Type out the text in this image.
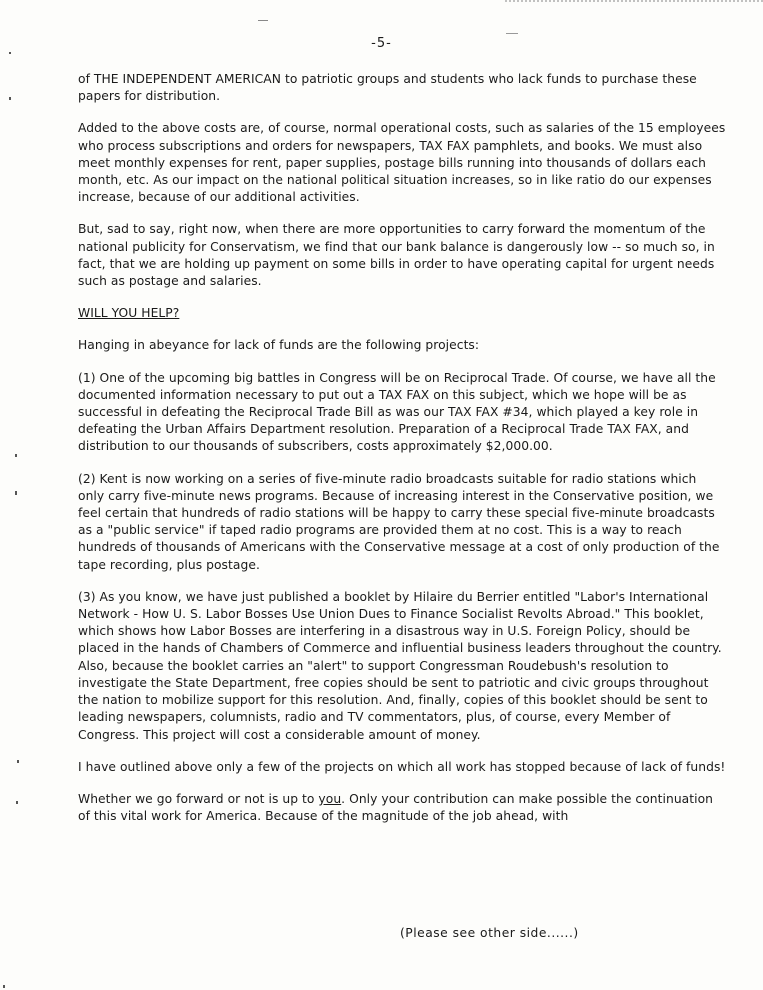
-5-

of THE INDEPENDENT AMERICAN to patriotic groups and students who lack funds to purchase these papers for distribution.

Added to the above costs are, of course, normal operational costs, such as salaries of the 15 employees who process subscriptions and orders for newspapers, TAX FAX pamphlets, and books. We must also meet monthly expenses for rent, paper supplies, postage bills running into thousands of dollars each month, etc. As our impact on the national political situation increases, so in like ratio do our expenses increase, because of our additional activities.

But, sad to say, right now, when there are more opportunities to carry forward the momentum of the national publicity for Conservatism, we find that our bank balance is dangerously low -- so much so, in fact, that we are holding up payment on some bills in order to have operating capital for urgent needs such as postage and salaries.

WILL YOU HELP?

Hanging in abeyance for lack of funds are the following projects:

(1) One of the upcoming big battles in Congress will be on Reciprocal Trade. Of course, we have all the documented information necessary to put out a TAX FAX on this subject, which we hope will be as successful in defeating the Reciprocal Trade Bill as was our TAX FAX #34, which played a key role in defeating the Urban Affairs Department resolution. Preparation of a Reciprocal Trade TAX FAX, and distribution to our thousands of subscribers, costs approximately $2,000.00.

(2) Kent is now working on a series of five-minute radio broadcasts suitable for radio stations which only carry five-minute news programs. Because of increasing interest in the Conservative position, we feel certain that hundreds of radio stations will be happy to carry these special five-minute broadcasts as a "public service" if taped radio programs are provided them at no cost. This is a way to reach hundreds of thousands of Americans with the Conservative message at a cost of only production of the tape recording, plus postage.

(3) As you know, we have just published a booklet by Hilaire du Berrier entitled "Labor's International Network - How U. S. Labor Bosses Use Union Dues to Finance Socialist Revolts Abroad." This booklet, which shows how Labor Bosses are interfering in a disastrous way in U.S. Foreign Policy, should be placed in the hands of Chambers of Commerce and influential business leaders throughout the country. Also, because the booklet carries an "alert" to support Congressman Roudebush's resolution to investigate the State Department, free copies should be sent to patriotic and civic groups throughout the nation to mobilize support for this resolution. And, finally, copies of this booklet should be sent to leading newspapers, columnists, radio and TV commentators, plus, of course, every Member of Congress. This project will cost a considerable amount of money.

I have outlined above only a few of the projects on which all work has stopped because of lack of funds!

Whether we go forward or not is up to you. Only your contribution can make possible the continuation of this vital work for America. Because of the magnitude of the job ahead, with

(Please see other side......)
